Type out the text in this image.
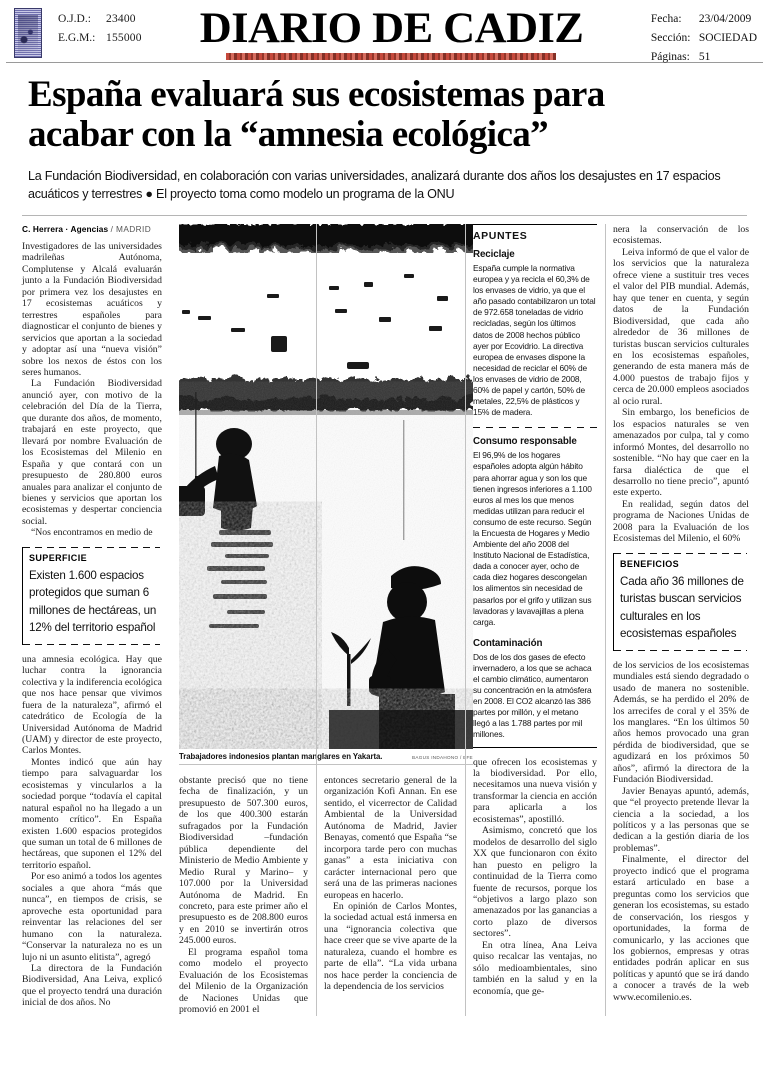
O.J.D.: 23400
E.G.M.: 155000	DIARIO DE CADIZ	Fecha: 23/04/2009
Sección: SOCIEDAD
Páginas: 51
España evaluará sus ecosistemas para
acabar con la “amnesia ecológica”
La Fundación Biodiversidad, en colaboración con varias universidades, analizará durante dos años los desajustes en 17 espacios acuáticos y terrestres ● El proyecto toma como modelo un programa de la ONU
C. Herrera · Agencias / MADRID

Investigadores de las universidades madrileñas Autónoma, Complutense y Alcalá evaluarán junto a la Fundación Biodiversidad por primera vez los desajustes en 17 ecosistemas acuáticos y terrestres españoles para diagnosticar el conjunto de bienes y servicios que aportan a la sociedad y adoptar así una “nueva visión” sobre los nexos de éstos con los seres humanos.

La Fundación Biodiversidad anunció ayer, con motivo de la celebración del Día de la Tierra, que durante dos años, de momento, trabajará en este proyecto, que llevará por nombre Evaluación de los Ecosistemas del Milenio en España y que contará con un presupuesto de 280.800 euros anuales para analizar el conjunto de bienes y servicios que aportan los ecosistemas y despertar conciencia social.

“Nos encontramos en medio de

SUPERFICIE
Existen 1.600 espacios protegidos que suman 6 millones de hectáreas, un 12% del territorio español

una amnesia ecológica. Hay que luchar contra la ignorancia colectiva y la indiferencia ecológica que nos hace pensar que vivimos fuera de la naturaleza”, afirmó el catedrático de Ecología de la Universidad Autónoma de Madrid (UAM) y director de este proyecto, Carlos Montes.

Montes indicó que aún hay tiempo para salvaguardar los ecosistemas y vincularlos a la sociedad porque “todavía el capital natural español no ha llegado a un momento crítico”. En España existen 1.600 espacios protegidos que suman un total de 6 millones de hectáreas, que suponen el 12% del territorio español.

Por eso animó a todos los agentes sociales a que ahora “más que nunca”, en tiempos de crisis, se aproveche esta oportunidad para reinventar las relaciones del ser humano con la naturaleza. “Conservar la naturaleza no es un lujo ni un asunto elitista”, agregó

La directora de la Fundación Biodiversidad, Ana Leiva, explicó que el proyecto tendrá una duración inicial de dos años. No

Trabajadores indonesios plantan manglares en Yakarta.	BAGUS INDAHONO / EFE

obstante precisó que no tiene fecha de finalización, y un presupuesto de 507.300 euros, de los que 400.300 estarán sufragados por la Fundación Biodiversidad –fundación pública dependiente del Ministerio de Medio Ambiente y Medio Rural y Marino– y 107.000 por la Universidad Autónoma de Madrid. En concreto, para este primer año el presupuesto es de 208.800 euros y en 2010 se invertirán otros 245.000 euros.

El programa español toma como modelo el proyecto Evaluación de los Ecosistemas del Milenio de la Organización de Naciones Unidas que promovió en 2001 el

entonces secretario general de la organización Kofi Annan. En ese sentido, el vicerrector de Calidad Ambiental de la Universidad Autónoma de Madrid, Javier Benayas, comentó que España “se incorpora tarde pero con muchas ganas” a esta iniciativa con carácter internacional pero que será una de las primeras naciones europeas en hacerlo.

En opinión de Carlos Montes, la sociedad actual está inmersa en una “ignorancia colectiva que hace creer que se vive aparte de la naturaleza, cuando el hombre es parte de ella”. “La vida urbana nos hace perder la conciencia de la dependencia de los servicios

APUNTES
Reciclaje

España cumple la normativa europea y ya recicla el 60,3% de los envases de vidrio, ya que el año pasado contabilizaron un total de 972.658 toneladas de vidrio recicladas, según los últimos datos de 2008 hechos público ayer por Ecovidrio. La directiva europea de envases dispone la necesidad de reciclar el 60% de los envases de vidrio de 2008, 60% de papel y cartón, 50% de metales, 22,5% de plásticos y 15% de madera.

Consumo responsable

El 96,9% de los hogares españoles adopta algún hábito para ahorrar agua y son los que tienen ingresos inferiores a 1.100 euros al mes los que menos medidas utilizan para reducir el consumo de este recurso. Según la Encuesta de Hogares y Medio Ambiente del año 2008 del Instituto Nacional de Estadística, dada a conocer ayer, ocho de cada diez hogares descongelan los alimentos sin necesidad de pasarlos por el grifo y utilizan sus lavadoras y lavavajillas a plena carga.

Contaminación

Dos de los dos gases de efecto invernadero, a los que se achaca el cambio climático, aumentaron su concentración en la atmósfera en 2008. El CO2 alcanzó las 386 partes por millón, y el metano llegó a las 1.788 partes por mil millones.

que ofrecen los ecosistemas y la biodiversidad. Por ello, necesitamos una nueva visión y transformar la ciencia en acción para aplicarla a los ecosistemas”, apostilló.

Asimismo, concretó que los modelos de desarrollo del siglo XX que funcionaron con éxito han puesto en peligro la continuidad de la Tierra como fuente de recursos, porque los “objetivos a largo plazo son amenazados por las ganancias a corto plazo de diversos sectores”.

En otra línea, Ana Leiva quiso recalcar las ventajas, no sólo medioambientales, sino también en la salud y en la economía, que ge-

nera la conservación de los ecosistemas.

Leiva informó de que el valor de los servicios que la naturaleza ofrece viene a sustituir tres veces el valor del PIB mundial. Además, hay que tener en cuenta, y según datos de la Fundación Biodiversidad, que cada año alrededor de 36 millones de turistas buscan servicios culturales en los ecosistemas españoles, generando de esta manera más de 4.000 puestos de trabajo fijos y cerca de 20.000 empleos asociados al ocio rural.

Sin embargo, los beneficios de los espacios naturales se ven amenazados por culpa, tal y como informó Montes, del desarrollo no sostenible. “No hay que caer en la farsa dialéctica de que el desarrollo no tiene precio”, apuntó este experto.

En realidad, según datos del programa de Naciones Unidas de 2008 para la Evaluación de los Ecosistemas del Milenio, el 60%

BENEFICIOS
Cada año 36 millones de turistas buscan servicios culturales en los ecosistemas españoles

de los servicios de los ecosistemas mundiales está siendo degradado o usado de manera no sostenible. Además, se ha perdido el 20% de los arrecifes de coral y el 35% de los manglares. “En los últimos 50 años hemos provocado una gran pérdida de biodiversidad, que se agudizará en los próximos 50 años”, afirmó la directora de la Fundación Biodiversidad.

Javier Benayas apuntó, además, que “el proyecto pretende llevar la ciencia a la sociedad, a los políticos y a las personas que se dedican a la gestión diaria de los problemas”.

Finalmente, el director del proyecto indicó que el programa estará articulado en base a preguntas como los servicios que generan los ecosistemas, su estado de conservación, los riesgos y oportunidades, la forma de comunicarlo, y las acciones que los gobiernos, empresas y otras entidades podrán aplicar en sus políticas y apuntó que se irá dando a conocer a través de la web www.ecomilenio.es.
